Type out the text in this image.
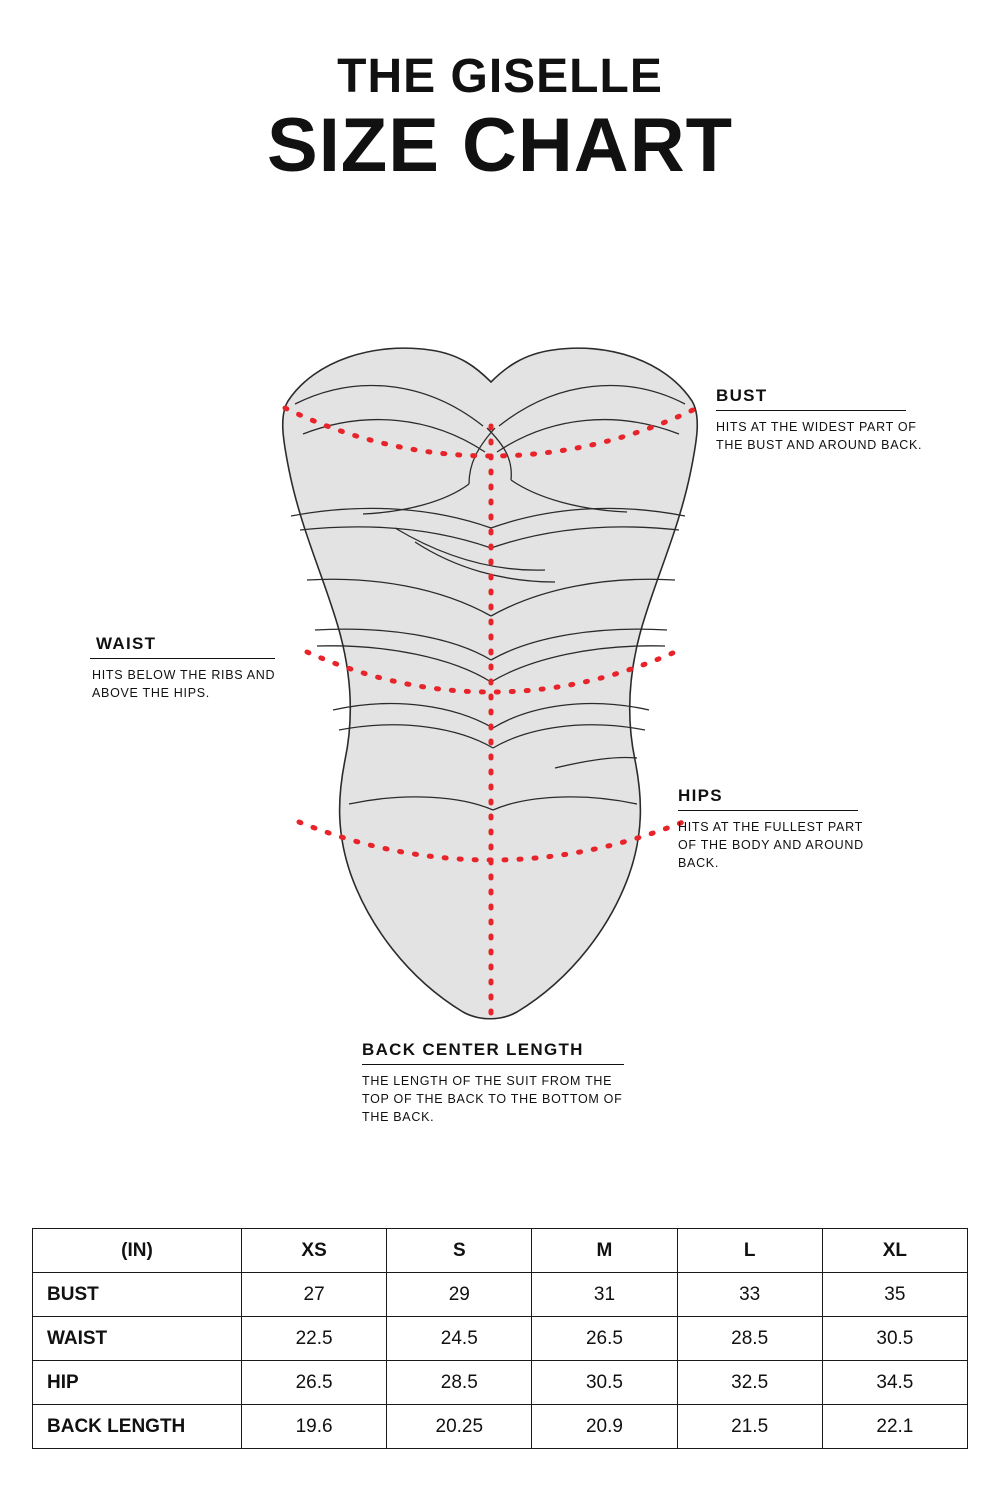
THE GISELLE
SIZE CHART
BUST
HITS AT THE WIDEST PART OF THE BUST AND AROUND BACK.
WAIST
HITS BELOW THE RIBS AND ABOVE THE HIPS.
HIPS
HITS AT THE FULLEST PART OF THE BODY AND AROUND BACK.
BACK CENTER LENGTH
THE LENGTH OF THE SUIT FROM THE TOP OF THE BACK TO THE BOTTOM OF THE BACK.
(IN)	XS	S	M	L	XL
BUST	27	29	31	33	35
WAIST	22.5	24.5	26.5	28.5	30.5
HIP	26.5	28.5	30.5	32.5	34.5
BACK LENGTH	19.6	20.25	20.9	21.5	22.1
